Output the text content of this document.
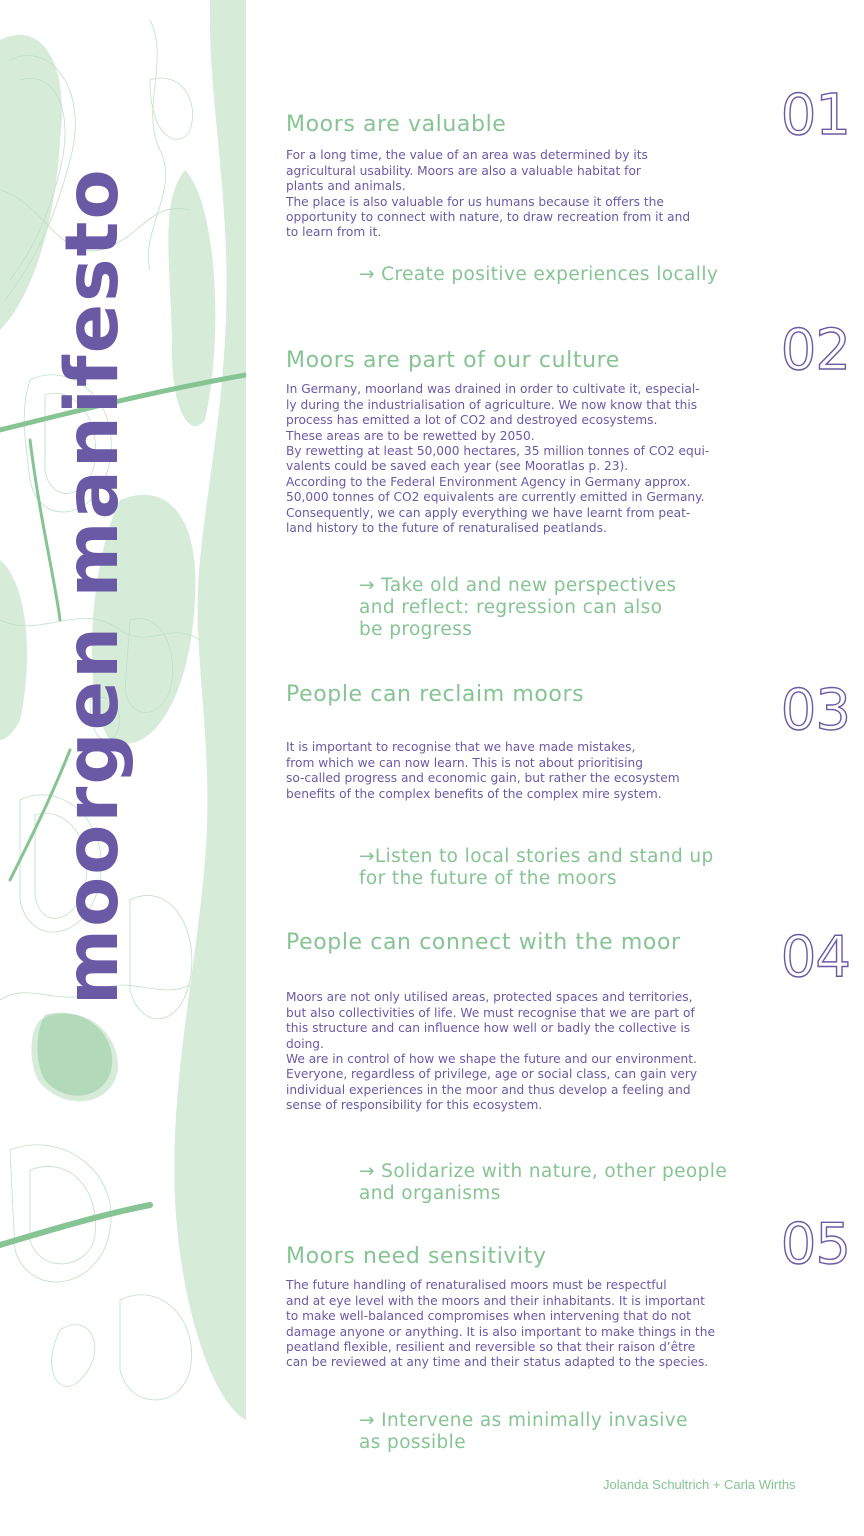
moorgen manifesto
01
02
03
04
05
Moors are valuable

For a long time, the value of an area was determined by its
agricultural usability. Moors are also a valuable habitat for
plants and animals.
The place is also valuable for us humans because it offers the
opportunity to connect with nature, to draw recreation from it and
to learn from it.

→ Create positive experiences locally

Moors are part of our culture

In Germany, moorland was drained in order to cultivate it, especial-
ly during the industrialisation of agriculture. We now know that this
process has emitted a lot of CO2 and destroyed ecosystems.
These areas are to be rewetted by 2050.
By rewetting at least 50,000 hectares, 35 million tonnes of CO2 equi-
valents could be saved each year (see Mooratlas p. 23).
According to the Federal Environment Agency in Germany approx.
50,000 tonnes of CO2 equivalents are currently emitted in Germany.
Consequently, we can apply everything we have learnt from peat-
land history to the future of renaturalised peatlands.

→ Take old and new perspectives
and reflect: regression can also
be progress

People can reclaim moors

It is important to recognise that we have made mistakes,
from which we can now learn. This is not about prioritising
so-called progress and economic gain, but rather the ecosystem
benefits of the complex benefits of the complex mire system.

→Listen to local stories and stand up
for the future of the moors

People can connect with the moor

Moors are not only utilised areas, protected spaces and territories,
but also collectivities of life. We must recognise that we are part of
this structure and can influence how well or badly the collective is
doing.
We are in control of how we shape the future and our environment.
Everyone, regardless of privilege, age or social class, can gain very
individual experiences in the moor and thus develop a feeling and
sense of responsibility for this ecosystem.

→ Solidarize with nature, other people
and organisms

Moors need sensitivity

The future handling of renaturalised moors must be respectful
and at eye level with the moors and their inhabitants. It is important
to make well-balanced compromises when intervening that do not
damage anyone or anything. It is also important to make things in the
peatland flexible, resilient and reversible so that their raison d’être
can be reviewed at any time and their status adapted to the species.

→ Intervene as minimally invasive
as possible

Jolanda Schultrich + Carla Wirths
